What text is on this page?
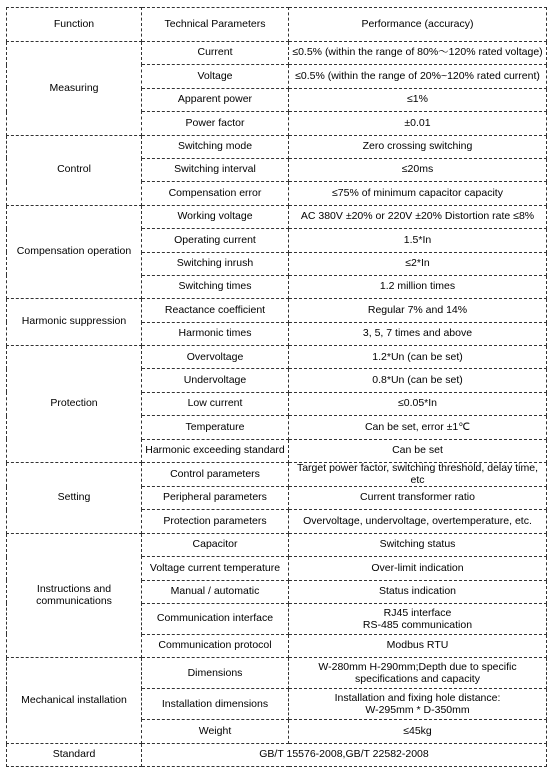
Function	Technical Parameters	Performance (accuracy)
Measuring	Current	≤0.5% (within the range of 80%～120% rated voltage)
	Voltage	≤0.5% (within the range of 20%~120% rated current)
	Apparent power	≤1%
	Power factor	±0.01
Control	Switching mode	Zero crossing switching
	Switching interval	≤20ms
	Compensation error	≤75% of minimum capacitor capacity
Compensation operation	Working voltage	AC 380V ±20% or 220V ±20% Distortion rate ≤8%
	Operating current	1.5*In
	Switching inrush	≤2*In
	Switching times	1.2 million times
Harmonic suppression	Reactance coefficient	Regular 7% and 14%
	Harmonic times	3, 5, 7 times and above
Protection	Overvoltage	1.2*Un (can be set)
	Undervoltage	0.8*Un (can be set)
	Low current	≤0.05*In
	Temperature	Can be set, error ±1℃
	Harmonic exceeding standard	Can be set
Setting	Control parameters	Target power factor, switching threshold, delay time, etc
	Peripheral parameters	Current transformer ratio
	Protection parameters	Overvoltage, undervoltage, overtemperature, etc.
Instructions and communications	Capacitor	Switching status
	Voltage current temperature	Over-limit indication
	Manual / automatic	Status indication
	Communication interface	RJ45 interface
RS-485 communication

	Communication protocol	Modbus RTU
Mechanical installation	Dimensions	W-280mm H-290mm;Depth due to specific
specifications and capacity

	Installation dimensions	Installation and fixing hole distance:
W-295mm * D-350mm

	Weight	≤45kg
Standard	GB/T 15576-2008,GB/T 22582-2008	
